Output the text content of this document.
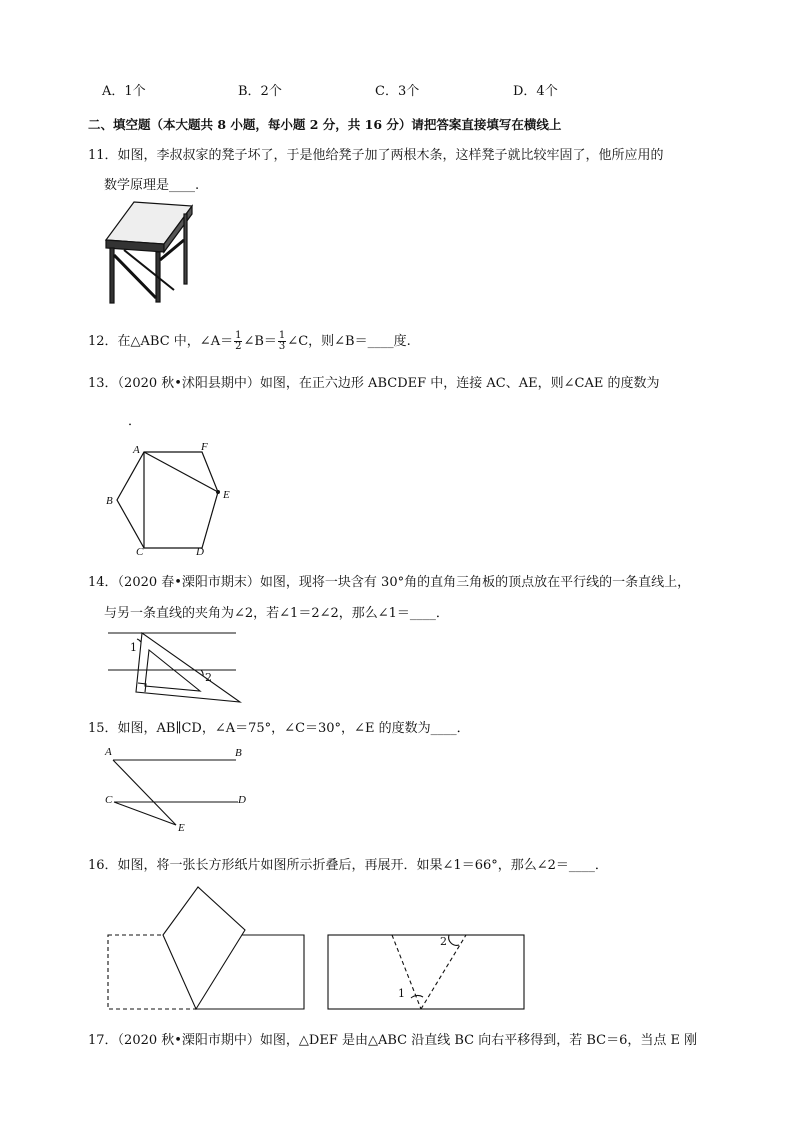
A．1个	B．2个	C．3个	D．4个
二、填空题（本大题共 8 小题，每小题 2 分，共 16 分）请把答案直接填写在横线上
11．如图，李叔叔家的凳子坏了，于是他给凳子加了两根木条，这样凳子就比较牢固了，他所应用的
数学原理是____.
12．在△ABC 中，∠A＝ $\frac{1}{2}$ ∠B＝ $\frac{1}{3}$ ∠C，则∠B＝____度.
13．（2020 秋•沭阳县期中）如图，在正六边形 ABCDEF 中，连接 AC、AE，则∠CAE 的度数为
．
A	F
B	E
C	D
14．（2020 春•溧阳市期末）如图，现将一块含有 30°角的直角三角板的顶点放在平行线的一条直线上，
与另一条直线的夹角为∠2，若∠1＝2∠2，那么∠1＝____．
1
2
15．如图，AB∥CD，∠A＝75°，∠C＝30°，∠E 的度数为____．
A	B
C	D
E
16．如图，将一张长方形纸片如图所示折叠后，再展开．如果∠1＝66°，那么∠2＝____．
2
1
17．（2020 秋•溧阳市期中）如图，△DEF 是由△ABC 沿直线 BC 向右平移得到，若 BC＝6，当点 E 刚
